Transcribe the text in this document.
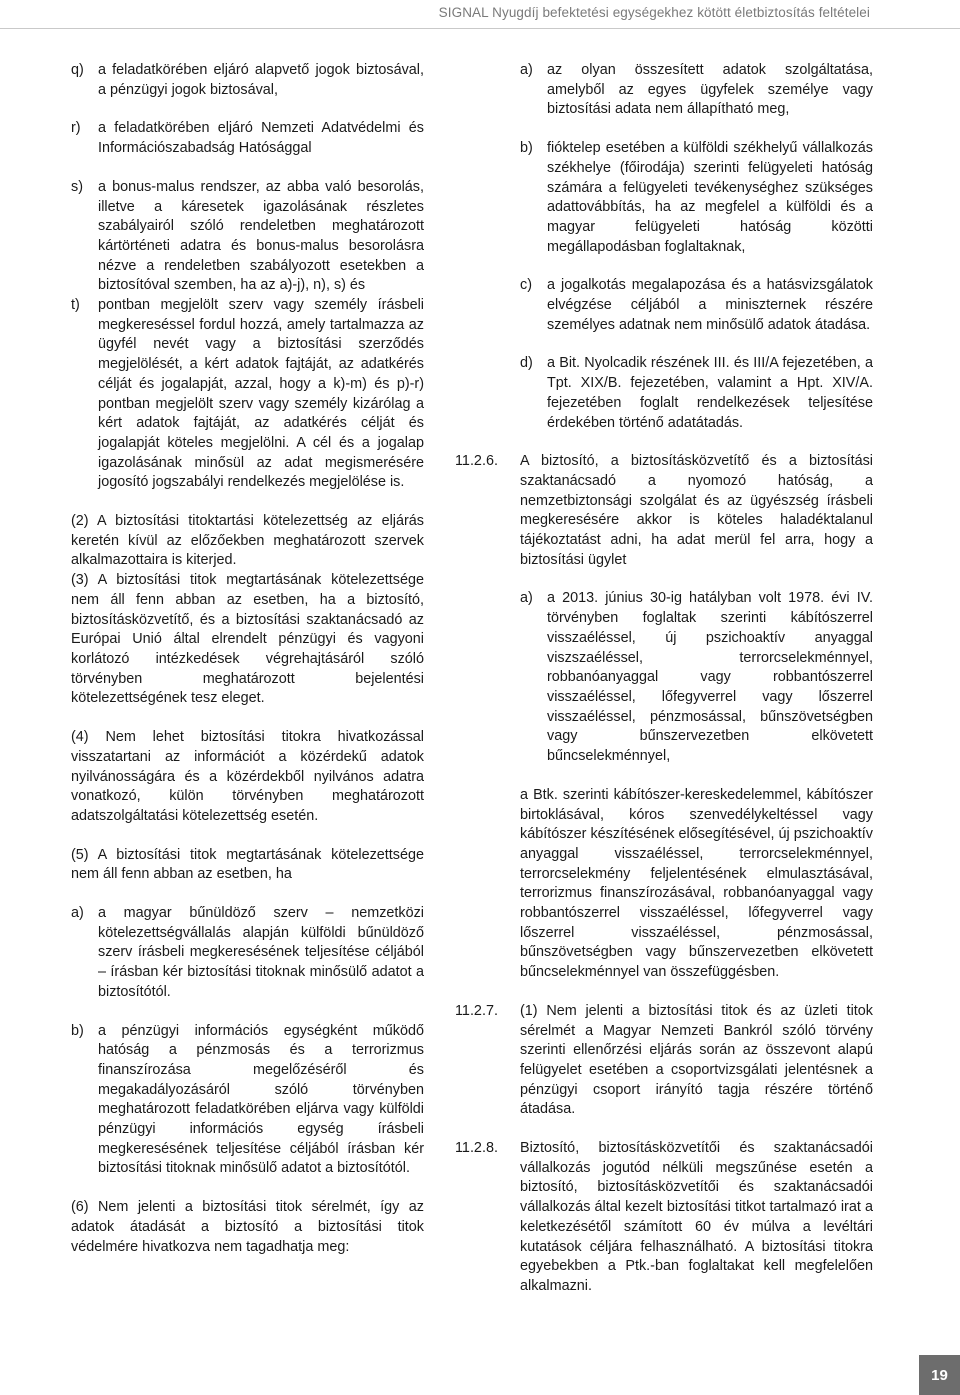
SIGNAL Nyugdíj befektetési egységekhez kötött életbiztosítás feltételei
q) a feladatkörében eljáró alapvető jogok biztosával, a pénzügyi jogok biztosával,
r)	a feladatkörében eljáró Nemzeti Adatvédelmi és Információszabadság Hatósággal
s)	a bonus-malus rendszer, az abba való besorolás, illetve a káresetek igazolásának részletes szabályairól szóló rendeletben meghatározott kártörténeti adatra és bonus-malus besorolásra nézve a rendeletben szabályozott esetekben a biztosítóval szemben, ha az a)-j), n), s) és
t)	pontban megjelölt szerv vagy személy írásbeli megkereséssel fordul hozzá, amely tartalmazza az ügyfél nevét vagy a biztosítási szerződés megjelölését, a kért adatok fajtáját, az adatkérés célját és jogalapját, azzal, hogy a k)-m) és p)-r) pontban megjelölt szerv vagy személy kizárólag a kért adatok fajtáját, az adatkérés célját és jogalapját köteles megjelölni. A cél és a jogalap igazolásának minősül az adat megismerésére jogosító jogszabályi rendelkezés megjelölése is.
(2) A biztosítási titoktartási kötelezettség az eljárás keretén kívül az előzőekben meghatározott szervek alkalmazottaira is kiterjed.
(3) A biztosítási titok megtartásának kötelezettsége nem áll fenn abban az esetben, ha a biztosító, biztosításközvetítő, és a biztosítási szaktanácsadó az Európai Unió által elrendelt pénzügyi és vagyoni korlátozó intézkedések végrehajtásáról szóló törvényben meghatározott bejelentési kötelezettségének tesz eleget.
(4) Nem lehet biztosítási titokra hivatkozással visszatartani az információt a közérdekű adatok nyilvánosságára és a közérdekből nyilvános adatra vonatkozó, külön törvényben meghatározott adatszolgáltatási kötelezettség esetén.
(5) A biztosítási titok megtartásának kötelezettsége nem áll fenn abban az esetben, ha
a) a magyar bűnüldöző szerv – nemzetközi kötelezettségvállalás alapján külföldi bűnüldöző szerv írásbeli megkeresésének teljesítése céljából – írásban kér biztosítási titoknak minősülő adatot a biztosítótól.
b) a pénzügyi információs egységként működő hatóság a pénzmosás és a terrorizmus finanszírozása megelőzéséről és megakadályozásáról szóló törvényben meghatározott feladatkörében eljárva vagy külföldi pénzügyi információs egység írásbeli megkeresésének teljesítése céljából írásban kér biztosítási titoknak minősülő adatot a biztosítótól.
(6) Nem jelenti a biztosítási titok sérelmét, így az adatok átadását a biztosító a biztosítási titok védelmére hivatkozva nem tagadhatja meg:
a) az olyan összesített adatok szolgáltatása, amelyből az egyes ügyfelek személye vagy biztosítási adata nem állapítható meg,
b) fióktelep esetében a külföldi székhelyű vállalkozás székhelye (főirodája) szerinti felügyeleti hatóság számára a felügyeleti tevékenységhez szükséges adattovábbítás, ha az megfelel a külföldi és a magyar felügyeleti hatóság közötti megállapodásban foglaltaknak,
c)	a jogalkotás megalapozása és a hatásvizsgálatok elvégzése céljából a miniszternek részére személyes adatnak nem minősülő adatok átadása.
d) a Bit. Nyolcadik részének III. és III/A fejezetében, a Tpt. XIX/B. fejezetében, valamint a Hpt. XIV/A. fejezetében foglalt rendelkezések teljesítése érdekében történő adatátadás.
11.2.6.	A biztosító, a biztosításközvetítő és a biztosítási szaktanácsadó a nyomozó hatóság, a nemzetbiztonsági szolgálat és az ügyészség írásbeli megkeresésére akkor is köteles haladéktalanul tájékoztatást adni, ha adat merül fel arra, hogy a biztosítási ügylet
a) a 2013. június 30-ig hatályban volt 1978. évi IV. törvényben foglaltak szerinti kábítószerrel visszaéléssel, új pszichoaktív anyaggal viszszaéléssel, terrorcselekménnyel, robbanóanyaggal vagy robbantószerrel visszaéléssel, lőfegyverrel vagy lőszerrel visszaéléssel, pénzmosással, bűnszövetségben vagy bűnszervezetben elkövetett bűncselekménnyel,
a Btk. szerinti kábítószer-kereskedelemmel, kábítószer birtoklásával, kóros szenvedélykeltéssel vagy kábítószer készítésének elősegítésével, új pszichoaktív anyaggal visszaéléssel, terrorcselekménnyel, terrorcselekmény feljelentésének elmulasztásával, terrorizmus finanszírozásával, robbanóanyaggal vagy robbantószerrel visszaéléssel, lőfegyverrel vagy lőszerrel visszaéléssel, pénzmosással, bűnszövetségben vagy bűnszervezetben elkövetett bűncselekménnyel van összefüggésben.
11.2.7.	(1) Nem jelenti a biztosítási titok és az üzleti titok sérelmét a Magyar Nemzeti Bankról szóló törvény szerinti ellenőrzési eljárás során az összevont alapú felügyelet esetében a csoportvizsgálati jelentésnek a pénzügyi csoport irányító tagja részére történő átadása.
11.2.8.	Biztosító, biztosításközvetítői és szaktanácsadói vállalkozás jogutód nélküli megszűnése esetén a biztosító, biztosításközvetítői és szaktanácsadói vállalkozás által kezelt biztosítási titkot tartalmazó irat a keletkezésétől számított 60 év múlva a levéltári kutatások céljára felhasználható. A biztosítási titokra egyebekben a Ptk.-ban foglaltakat kell megfelelően alkalmazni.
19
